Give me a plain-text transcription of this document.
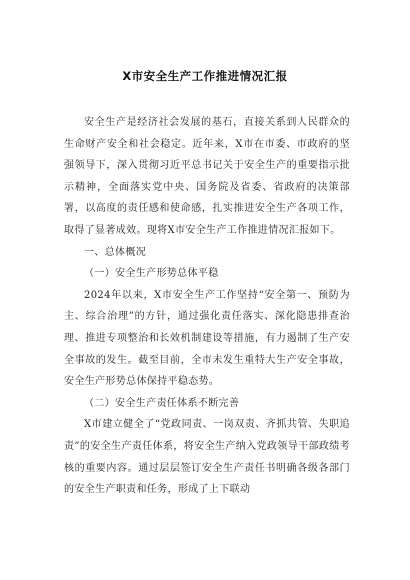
X市安全生产工作推进情况汇报

安全生产是经济社会发展的基石，直接关系到人民群众的生命财产安全和社会稳定。近年来，X市在市委、市政府的坚强领导下，深入贯彻习近平总书记关于安全生产的重要指示批示精神，全面落实党中央、国务院及省委、省政府的决策部署，以高度的责任感和使命感，扎实推进安全生产各项工作，取得了显著成效。现将X市安全生产工作推进情况汇报如下。

一、总体概况

（一）安全生产形势总体平稳

2024年以来，X市安全生产工作坚持“安全第一、预防为主、综合治理”的方针，通过强化责任落实、深化隐患排查治理、推进专项整治和长效机制建设等措施，有力遏制了生产安全事故的发生。截至目前，全市未发生重特大生产安全事故，安全生产形势总体保持平稳态势。

（二）安全生产责任体系不断完善

X市建立健全了“党政同责、一岗双责、齐抓共管、失职追责”的安全生产责任体系，将安全生产纳入党政领导干部政绩考核的重要内容。通过层层签订安全生产责任书明确各级各部门的安全生产职责和任务，形成了上下联动
